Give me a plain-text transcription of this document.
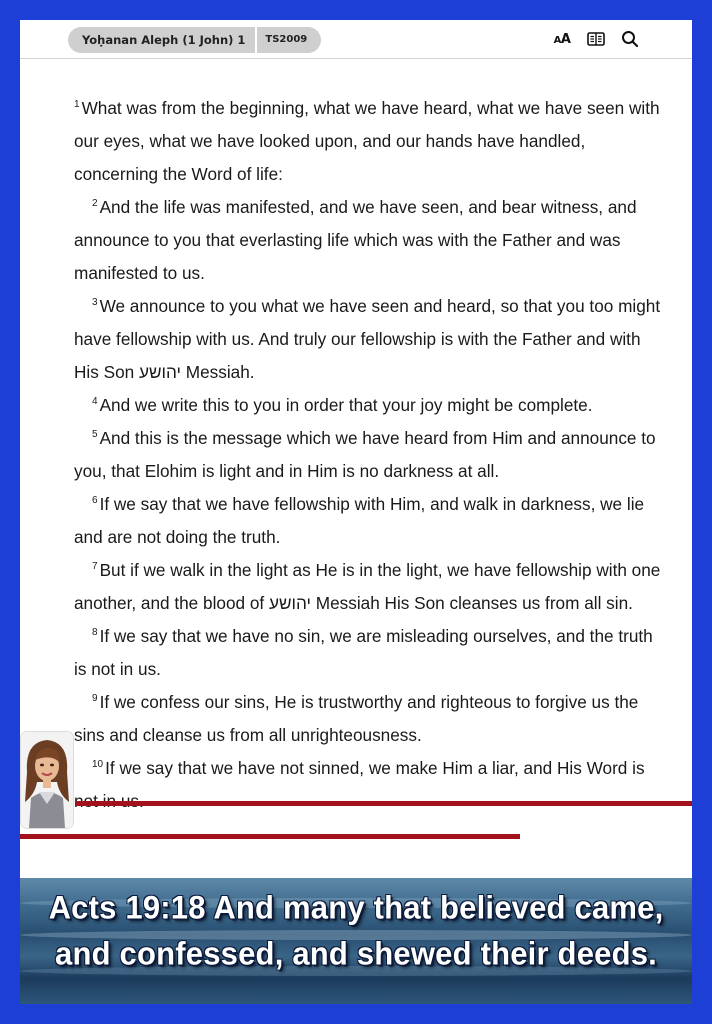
Yoḥanan Aleph (1 John) 1	TS2009	AA

$^1$ What was from the beginning, what we have heard, what we have seen with our eyes, what we have looked upon, and our hands have handled, concerning the Word of life:

$^2$ And the life was manifested, and we have seen, and bear witness, and announce to you that everlasting life which was with the Father and was manifested to us.

$^3$ We announce to you what we have seen and heard, so that you too might have fellowship with us. And truly our fellowship is with the Father and with His Son יהושע Messiah.

$^4$ And we write this to you in order that your joy might be complete.

$^5$ And this is the message which we have heard from Him and announce to you, that Elohim is light and in Him is no darkness at all.

$^6$ If we say that we have fellowship with Him, and walk in darkness, we lie and are not doing the truth.

$^7$ But if we walk in the light as He is in the light, we have fellowship with one another, and the blood of יהושע Messiah His Son cleanses us from all sin.

$^8$ If we say that we have no sin, we are misleading ourselves, and the truth is not in us.

$^9$ If we confess our sins, He is trustworthy and righteous to forgive us the sins and cleanse us from all unrighteousness.

$^{10}$ If we say that we have not sinned, we make Him a liar, and His Word is

Acts 19:18 And many that believed came,
and confessed, and shewed their deeds.
